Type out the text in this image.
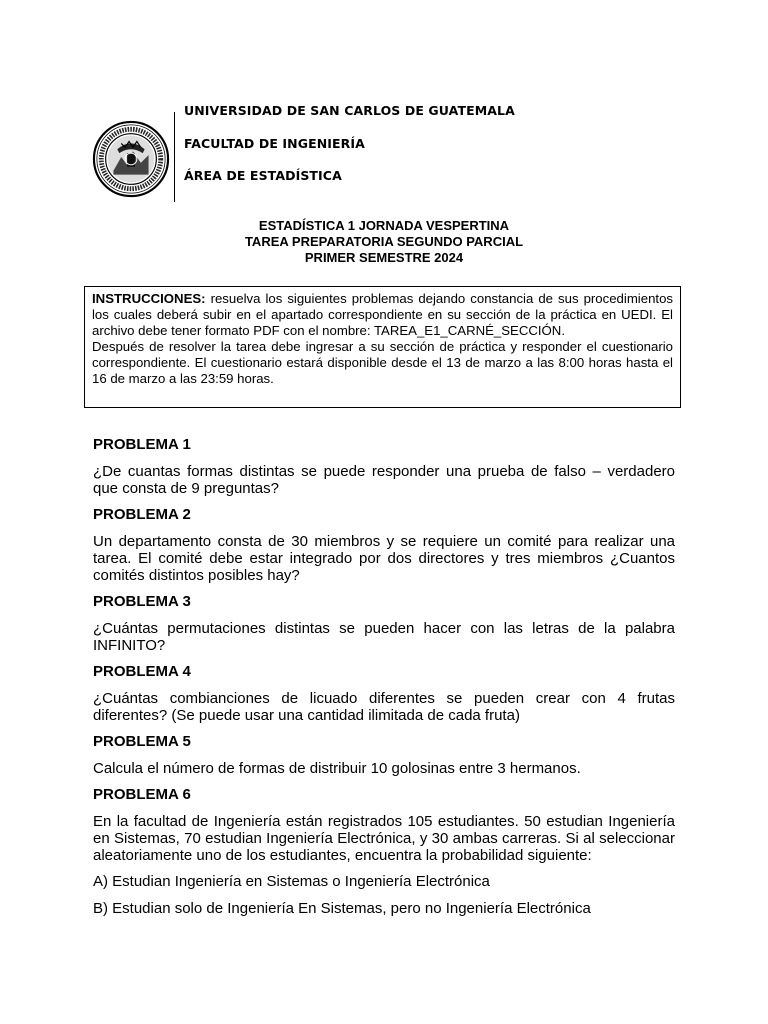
UNIVERSIDAD DE SAN CARLOS DE GUATEMALA
FACULTAD DE INGENIERÍA
ÁREA DE ESTADÍSTICA
ESTADÍSTICA 1 JORNADA VESPERTINA
TAREA PREPARATORIA SEGUNDO PARCIAL
PRIMER SEMESTRE 2024

INSTRUCCIONES: resuelva los siguientes problemas dejando constancia de sus procedimientos los cuales deberá subir en el apartado correspondiente en su sección de la práctica en UEDI. El archivo debe tener formato PDF con el nombre: TAREA_E1_CARNÉ_SECCIÓN.

Después de resolver la tarea debe ingresar a su sección de práctica y responder el cuestionario correspondiente. El cuestionario estará disponible desde el 13 de marzo a las 8:00 horas hasta el 16 de marzo a las 23:59 horas.

PROBLEMA 1
¿De cuantas formas distintas se puede responder una prueba de falso – verdadero que consta de 9 preguntas?
PROBLEMA 2
Un departamento consta de 30 miembros y se requiere un comité para realizar una tarea. El comité debe estar integrado por dos directores y tres miembros ¿Cuantos comités distintos posibles hay?
PROBLEMA 3
¿Cuántas permutaciones distintas se pueden hacer con las letras de la palabra INFINITO?
PROBLEMA 4
¿Cuántas combianciones de licuado diferentes se pueden crear con 4 frutas diferentes? (Se puede usar una cantidad ilimitada de cada fruta)
PROBLEMA 5
Calcula el número de formas de distribuir 10 golosinas entre 3 hermanos.
PROBLEMA 6
En la facultad de Ingeniería están registrados 105 estudiantes. 50 estudian Ingeniería en Sistemas, 70 estudian Ingeniería Electrónica, y 30 ambas carreras. Si al seleccionar aleatoriamente uno de los estudiantes, encuentra la probabilidad siguiente:
A) Estudian Ingeniería en Sistemas o Ingeniería Electrónica
B) Estudian solo de Ingeniería En Sistemas, pero no Ingeniería Electrónica
